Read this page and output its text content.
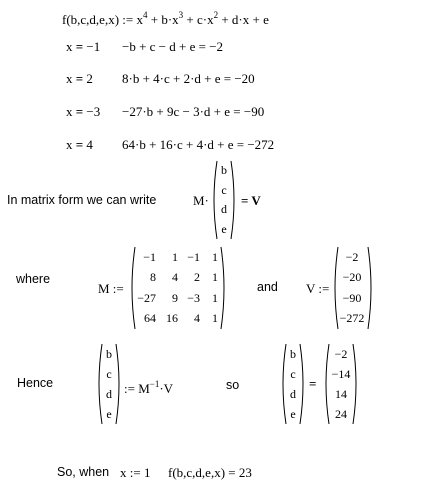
f(b,c,d,e,x) := $x^4 + b\cdot x^3 + c\cdot x^2 + d\cdot x + e$
x = −1 −b + c − d + e = −2
x = 2 8·b + 4·c + 2·d + e = −20
x = −3 −27·b + 9c − 3·d + e = −90
x = 4 64·b + 16·c + 4·d + e = −272
In matrix form we can write	M·
b
c
d
e
= V
where
M :=
−1	1 −1	1
8	4	2	1
−27	9 −3	1
64 16	4	1
and V :=
−2
−20
−90
−272
Hence
b
c
d
e
:= $M^{-1}\cdot V$	so
b
c
d
e
=
−2
−14
14
24
So, when x := 1 f(b,c,d,e,x) = 23
